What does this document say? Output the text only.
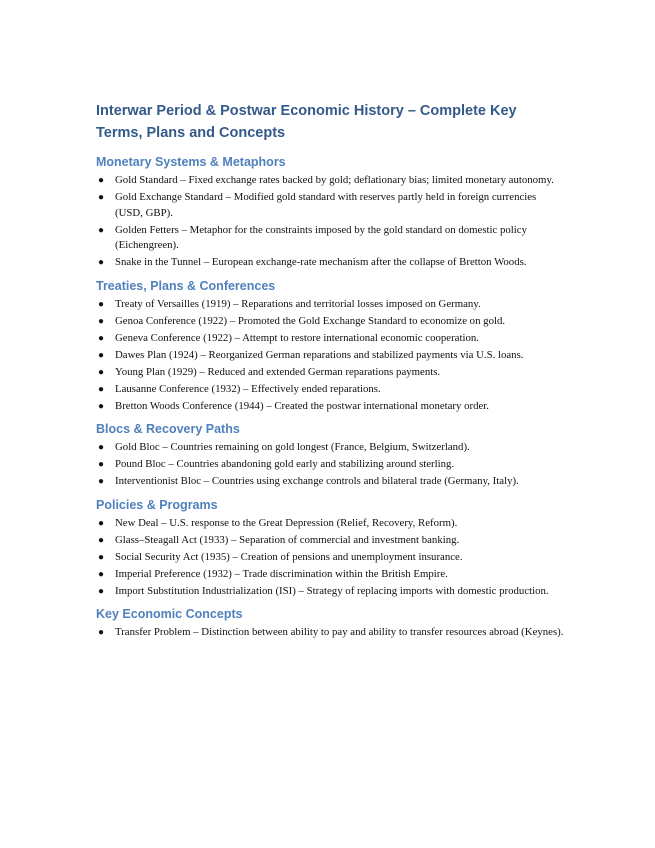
Interwar Period & Postwar Economic History – Complete Key Terms, Plans and Concepts
Monetary Systems & Metaphors
● Gold Standard – Fixed exchange rates backed by gold; deflationary bias; limited monetary autonomy.
● Gold Exchange Standard – Modified gold standard with reserves partly held in foreign currencies (USD, GBP).
● Golden Fetters – Metaphor for the constraints imposed by the gold standard on domestic policy (Eichengreen).
● Snake in the Tunnel – European exchange-rate mechanism after the collapse of Bretton Woods.
Treaties, Plans & Conferences
● Treaty of Versailles (1919) – Reparations and territorial losses imposed on Germany.
● Genoa Conference (1922) – Promoted the Gold Exchange Standard to economize on gold.
● Geneva Conference (1922) – Attempt to restore international economic cooperation.
● Dawes Plan (1924) – Reorganized German reparations and stabilized payments via U.S. loans.
● Young Plan (1929) – Reduced and extended German reparations payments.
● Lausanne Conference (1932) – Effectively ended reparations.
● Bretton Woods Conference (1944) – Created the postwar international monetary order.
Blocs & Recovery Paths
● Gold Bloc – Countries remaining on gold longest (France, Belgium, Switzerland).
● Pound Bloc – Countries abandoning gold early and stabilizing around sterling.
● Interventionist Bloc – Countries using exchange controls and bilateral trade (Germany, Italy).
Policies & Programs
● New Deal – U.S. response to the Great Depression (Relief, Recovery, Reform).
● Glass–Steagall Act (1933) – Separation of commercial and investment banking.
● Social Security Act (1935) – Creation of pensions and unemployment insurance.
● Imperial Preference (1932) – Trade discrimination within the British Empire.
● Import Substitution Industrialization (ISI) – Strategy of replacing imports with domestic production.
Key Economic Concepts
● Transfer Problem – Distinction between ability to pay and ability to transfer resources abroad (Keynes).
